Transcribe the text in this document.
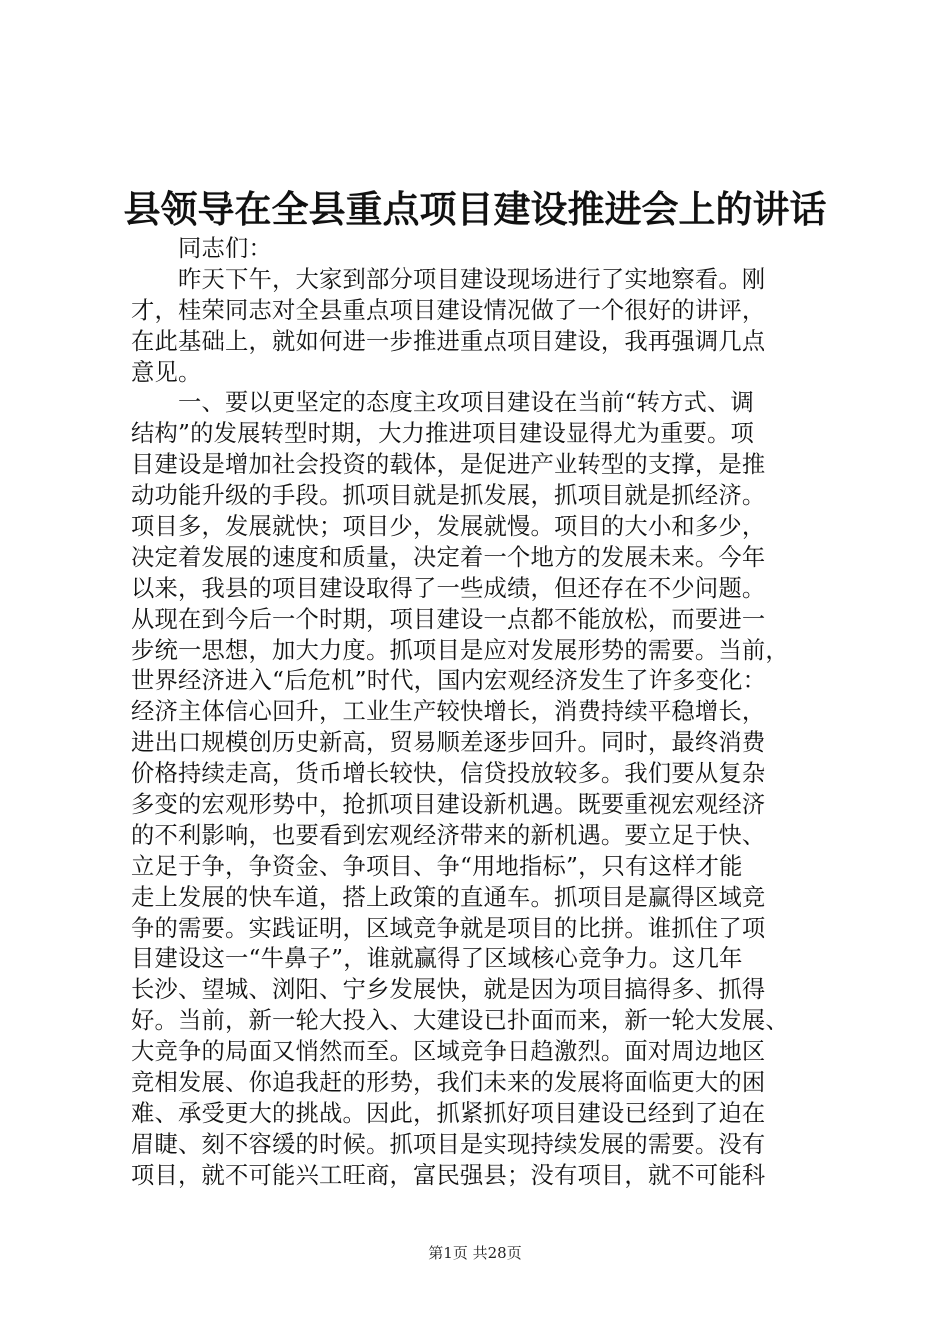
县领导在全县重点项目建设推进会上的讲话
　　同志们：
　　昨天下午，大家到部分项目建设现场进行了实地察看。刚
才，桂荣同志对全县重点项目建设情况做了一个很好的讲评，
在此基础上，就如何进一步推进重点项目建设，我再强调几点
意见。
　　一、要以更坚定的态度主攻项目建设在当前“转方式、调
结构”的发展转型时期，大力推进项目建设显得尤为重要。项
目建设是增加社会投资的载体，是促进产业转型的支撑，是推
动功能升级的手段。抓项目就是抓发展，抓项目就是抓经济。
项目多，发展就快；项目少，发展就慢。项目的大小和多少，
决定着发展的速度和质量，决定着一个地方的发展未来。今年
以来，我县的项目建设取得了一些成绩，但还存在不少问题。
从现在到今后一个时期，项目建设一点都不能放松，而要进一
步统一思想，加大力度。抓项目是应对发展形势的需要。当前，
世界经济进入“后危机”时代，国内宏观经济发生了许多变化：
经济主体信心回升，工业生产较快增长，消费持续平稳增长，
进出口规模创历史新高，贸易顺差逐步回升。同时，最终消费
价格持续走高，货币增长较快，信贷投放较多。我们要从复杂
多变的宏观形势中，抢抓项目建设新机遇。既要重视宏观经济
的不利影响，也要看到宏观经济带来的新机遇。要立足于快、
立足于争，争资金、争项目、争“用地指标”，只有这样才能
走上发展的快车道，搭上政策的直通车。抓项目是赢得区域竞
争的需要。实践证明，区域竞争就是项目的比拼。谁抓住了项
目建设这一“牛鼻子”，谁就赢得了区域核心竞争力。这几年
长沙、望城、浏阳、宁乡发展快，就是因为项目搞得多、抓得
好。当前，新一轮大投入、大建设已扑面而来，新一轮大发展、
大竞争的局面又悄然而至。区域竞争日趋激烈。面对周边地区
竞相发展、你追我赶的形势，我们未来的发展将面临更大的困
难、承受更大的挑战。因此，抓紧抓好项目建设已经到了迫在
眉睫、刻不容缓的时候。抓项目是实现持续发展的需要。没有
项目，就不可能兴工旺商，富民强县；没有项目，就不可能科
第1页 共28页
